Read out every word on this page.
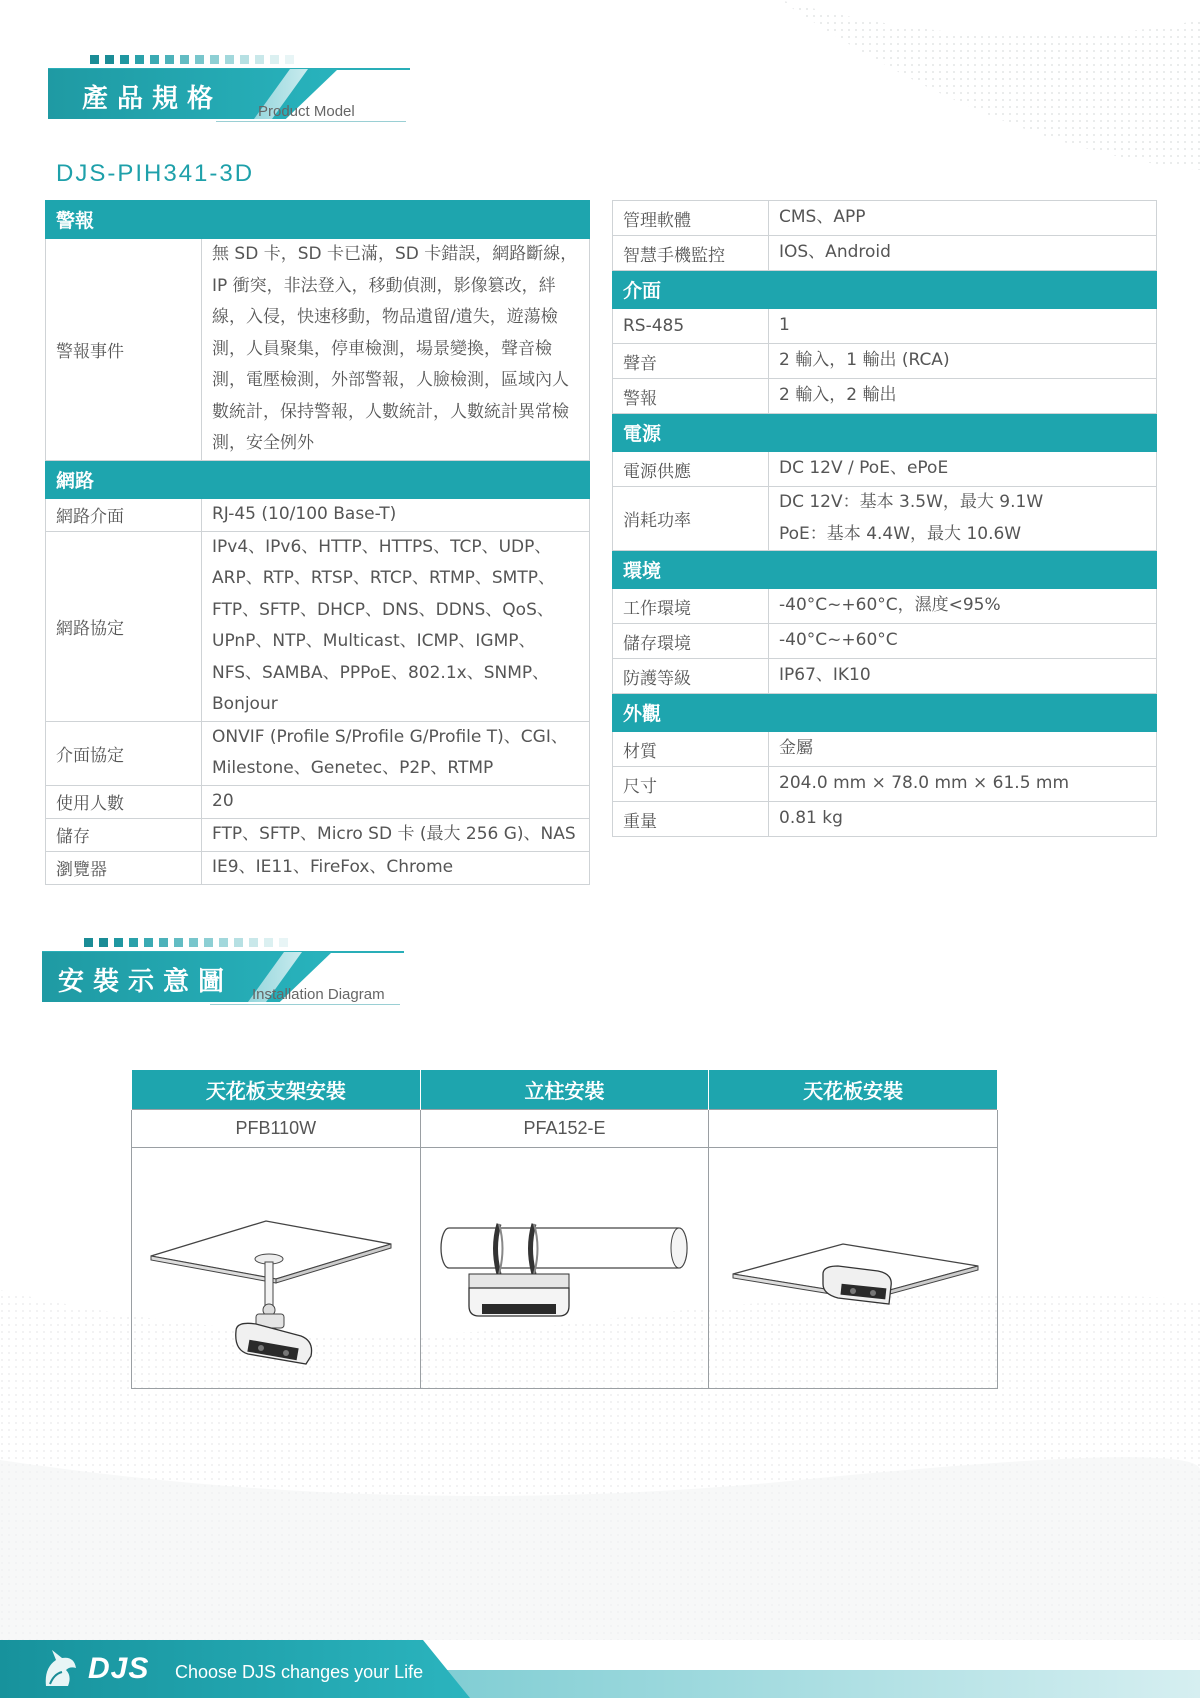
產品規格 Product Model
DJS-PIH341-3D
警報	
警報事件	無 SD 卡，SD 卡已滿，SD 卡錯誤，網路斷線，IP 衝突，非法登入，移動偵測，影像篡改，絆線，入侵，快速移動，物品遺留/遺失，遊蕩檢測，人員聚集，停車檢測，場景變換，聲音檢測，電壓檢測，外部警報，人臉檢測，區域內人數統計，保持警報，人數統計，人數統計異常檢測，安全例外
網路	
網路介面	RJ-45 (10/100 Base-T)
網路協定	IPv4、IPv6、HTTP、HTTPS、TCP、UDP、ARP、RTP、RTSP、RTCP、RTMP、SMTP、FTP、SFTP、DHCP、DNS、DDNS、QoS、UPnP、NTP、Multicast、ICMP、IGMP、NFS、SAMBA、PPPoE、802.1x、SNMP、Bonjour
介面協定	ONVIF (Profile S/Profile G/Profile T)、CGI、Milestone、Genetec、P2P、RTMP
使用人數	20
儲存	FTP、SFTP、Micro SD 卡 (最大 256 G)、NAS
瀏覽器	IE9、IE11、FireFox、Chrome
管理軟體	CMS、APP
智慧手機監控	IOS、Android
介面	
RS-485	1
聲音	2 輸入，1 輸出 (RCA)
警報	2 輸入，2 輸出
電源	
電源供應	DC 12V / PoE、ePoE
消耗功率	DC 12V：基本 3.5W，最大 9.1W
PoE：基本 4.4W，最大 10.6W
環境	
工作環境	-40°C~+60°C，濕度<95%
儲存環境	-40°C~+60°C
防護等級	IP67、IK10
外觀	
材質	金屬
尺寸	204.0 mm × 78.0 mm × 61.5 mm
重量	0.81 kg
安裝示意圖 Installation Diagram
天花板支架安裝	立柱安裝	天花板安裝
PFB110W	PFA152-E	

DJS Choose DJS changes your Life
